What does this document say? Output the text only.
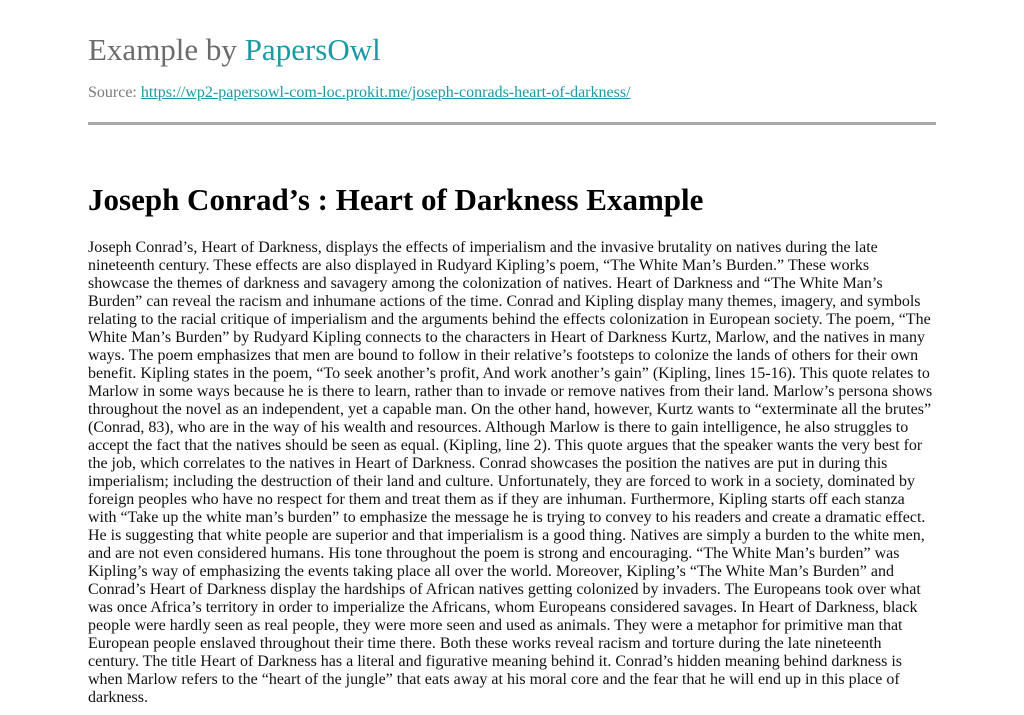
Example by PapersOwl
Source: https://wp2-papersowl-com-loc.prokit.me/joseph-conrads-heart-of-darkness/
Joseph Conrad’s : Heart of Darkness Example
Joseph Conrad’s, Heart of Darkness, displays the effects of imperialism and the invasive brutality on natives during the late
nineteenth century. These effects are also displayed in Rudyard Kipling’s poem, “The White Man’s Burden.” These works
showcase the themes of darkness and savagery among the colonization of natives. Heart of Darkness and “The White Man’s
Burden” can reveal the racism and inhumane actions of the time. Conrad and Kipling display many themes, imagery, and symbols
relating to the racial critique of imperialism and the arguments behind the effects colonization in European society. The poem, “The
White Man’s Burden” by Rudyard Kipling connects to the characters in Heart of Darkness Kurtz, Marlow, and the natives in many
ways. The poem emphasizes that men are bound to follow in their relative’s footsteps to colonize the lands of others for their own
benefit. Kipling states in the poem, “To seek another’s profit, And work another’s gain” (Kipling, lines 15-16). This quote relates to
Marlow in some ways because he is there to learn, rather than to invade or remove natives from their land. Marlow’s persona shows
throughout the novel as an independent, yet a capable man. On the other hand, however, Kurtz wants to “exterminate all the brutes”
(Conrad, 83), who are in the way of his wealth and resources. Although Marlow is there to gain intelligence, he also struggles to
accept the fact that the natives should be seen as equal. (Kipling, line 2). This quote argues that the speaker wants the very best for
the job, which correlates to the natives in Heart of Darkness. Conrad showcases the position the natives are put in during this
imperialism; including the destruction of their land and culture. Unfortunately, they are forced to work in a society, dominated by
foreign peoples who have no respect for them and treat them as if they are inhuman. Furthermore, Kipling starts off each stanza
with “Take up the white man’s burden” to emphasize the message he is trying to convey to his readers and create a dramatic effect.
He is suggesting that white people are superior and that imperialism is a good thing. Natives are simply a burden to the white men,
and are not even considered humans. His tone throughout the poem is strong and encouraging. “The White Man’s burden” was
Kipling’s way of emphasizing the events taking place all over the world. Moreover, Kipling’s “The White Man’s Burden” and
Conrad’s Heart of Darkness display the hardships of African natives getting colonized by invaders. The Europeans took over what
was once Africa’s territory in order to imperialize the Africans, whom Europeans considered savages. In Heart of Darkness, black
people were hardly seen as real people, they were more seen and used as animals. They were a metaphor for primitive man that
European people enslaved throughout their time there. Both these works reveal racism and torture during the late nineteenth
century. The title Heart of Darkness has a literal and figurative meaning behind it. Conrad’s hidden meaning behind darkness is
when Marlow refers to the “heart of the jungle” that eats away at his moral core and the fear that he will end up in this place of
darkness.
